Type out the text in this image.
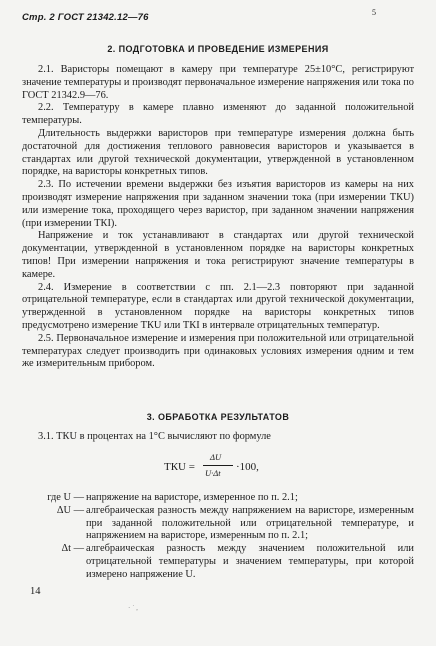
Стр. 2 ГОСТ 21342.12—76	5
2. ПОДГОТОВКА И ПРОВЕДЕНИЕ ИЗМЕРЕНИЯ

2.1. Варисторы помещают в камеру при температуре 25±10°С, регистрируют значение температуры и производят первоначальное измерение напряжения или тока по ГОСТ 21342.9—76.

2.2. Температуру в камере плавно изменяют до заданной положительной температуры.

Длительность выдержки варисторов при температуре измерения должна быть достаточной для достижения теплового равновесия варисторов и указывается в стандартах или другой технической документации, утвержденной в установленном порядке, на варисторы конкретных типов.

2.3. По истечении времени выдержки без изъятия варисторов из камеры на них производят измерение напряжения при заданном значении тока (при измерении ТКU) или измерение тока, проходящего через варистор, при заданном значении напряжения (при измерении ТКI).

Напряжение и ток устанавливают в стандартах или другой технической документации, утвержденной в установленном порядке на варисторы конкретных типов! При измерении напряжения и тока регистрируют значение температуры в камере.

2.4. Измерение в соответствии с пп. 2.1—2.3 повторяют при заданной отрицательной температуре, если в стандартах или другой технической документации, утвержденной в установленном порядке на варисторы конкретных типов предусмотрено измерение ТКU или ТКI в интервале отрицательных температур.

2.5. Первоначальное измерение и измерения при положительной или отрицательной температурах следует производить при одинаковых условиях измерения одним и тем же измерительным прибором.

3. ОБРАБОТКА РЕЗУЛЬТАТОВ

3.1. ТКU в процентах на 1°С вычисляют по формуле

ТКU =
ΔU
U·Δt ·100,
где U — напряжение на варисторе, измеренное по п. 2.1;
ΔU — алгебраическая разность между напряжением на варисторе, измеренным при заданной положительной или отрицательной температуре, и напряжением на варисторе, измеренным по п. 2.1;
Δt — алгебраическая разность между значением положительной или отрицательной температуры и значением температуры, при которой измерено напряжение U.
14
· ˙ ,
